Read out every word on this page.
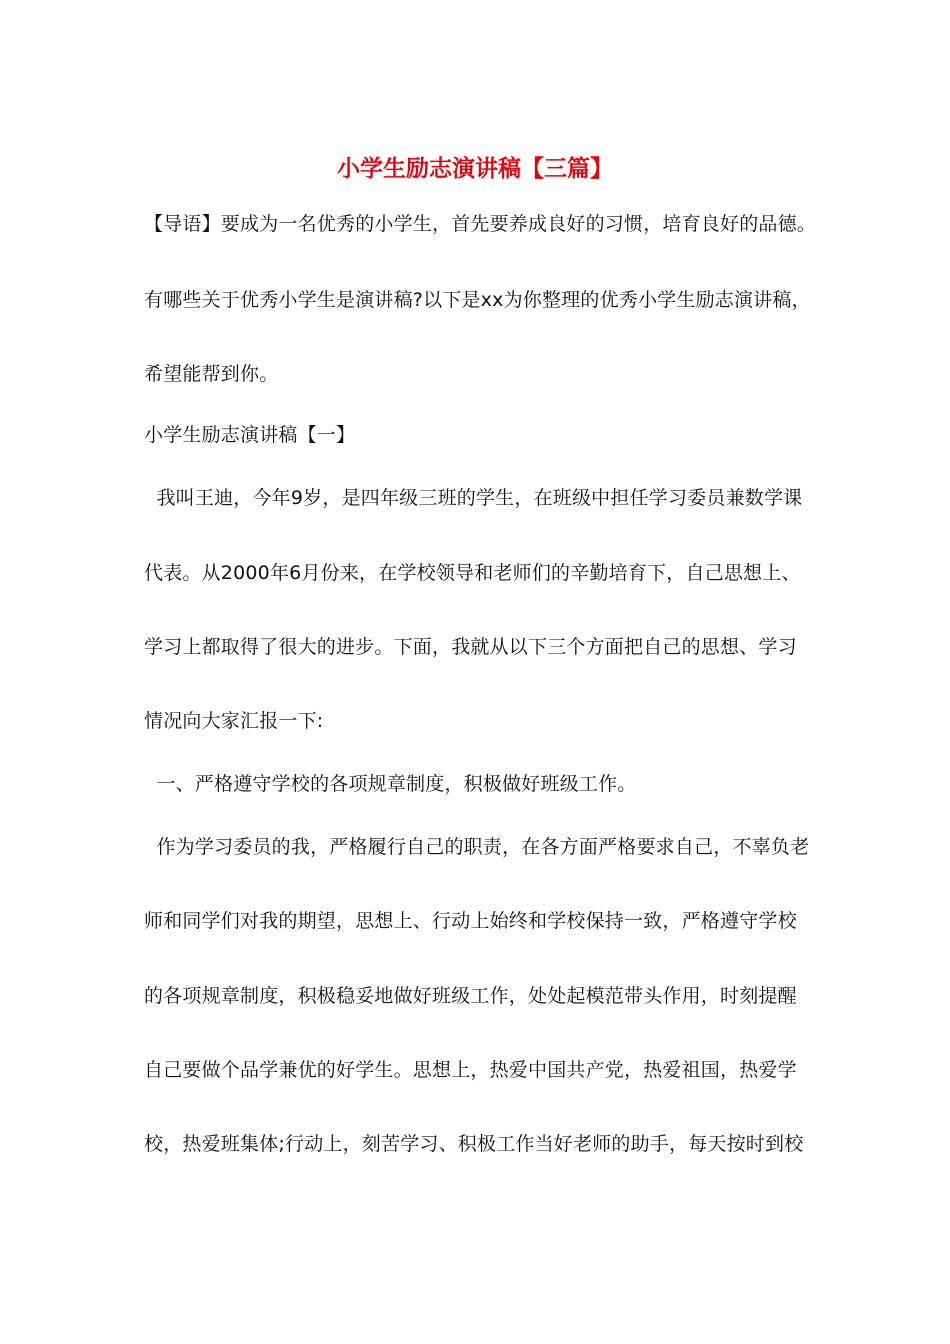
小学生励志演讲稿【三篇】
【导语】要成为一名优秀的小学生，首先要养成良好的习惯，培育良好的品德。
有哪些关于优秀小学生是演讲稿?以下是xx为你整理的优秀小学生励志演讲稿，
希望能帮到你。
小学生励志演讲稿【一】
我叫王迪，今年9岁，是四年级三班的学生，在班级中担任学习委员兼数学课
代表。从2000年6月份来，在学校领导和老师们的辛勤培育下，自己思想上、
学习上都取得了很大的进步。下面，我就从以下三个方面把自己的思想、学习
情况向大家汇报一下:
一、严格遵守学校的各项规章制度，积极做好班级工作。
作为学习委员的我，严格履行自己的职责，在各方面严格要求自己，不辜负老
师和同学们对我的期望，思想上、行动上始终和学校保持一致，严格遵守学校
的各项规章制度，积极稳妥地做好班级工作，处处起模范带头作用，时刻提醒
自己要做个品学兼优的好学生。思想上，热爱中国共产党，热爱祖国，热爱学
校，热爱班集体;行动上，刻苦学习、积极工作当好老师的助手，每天按时到校
